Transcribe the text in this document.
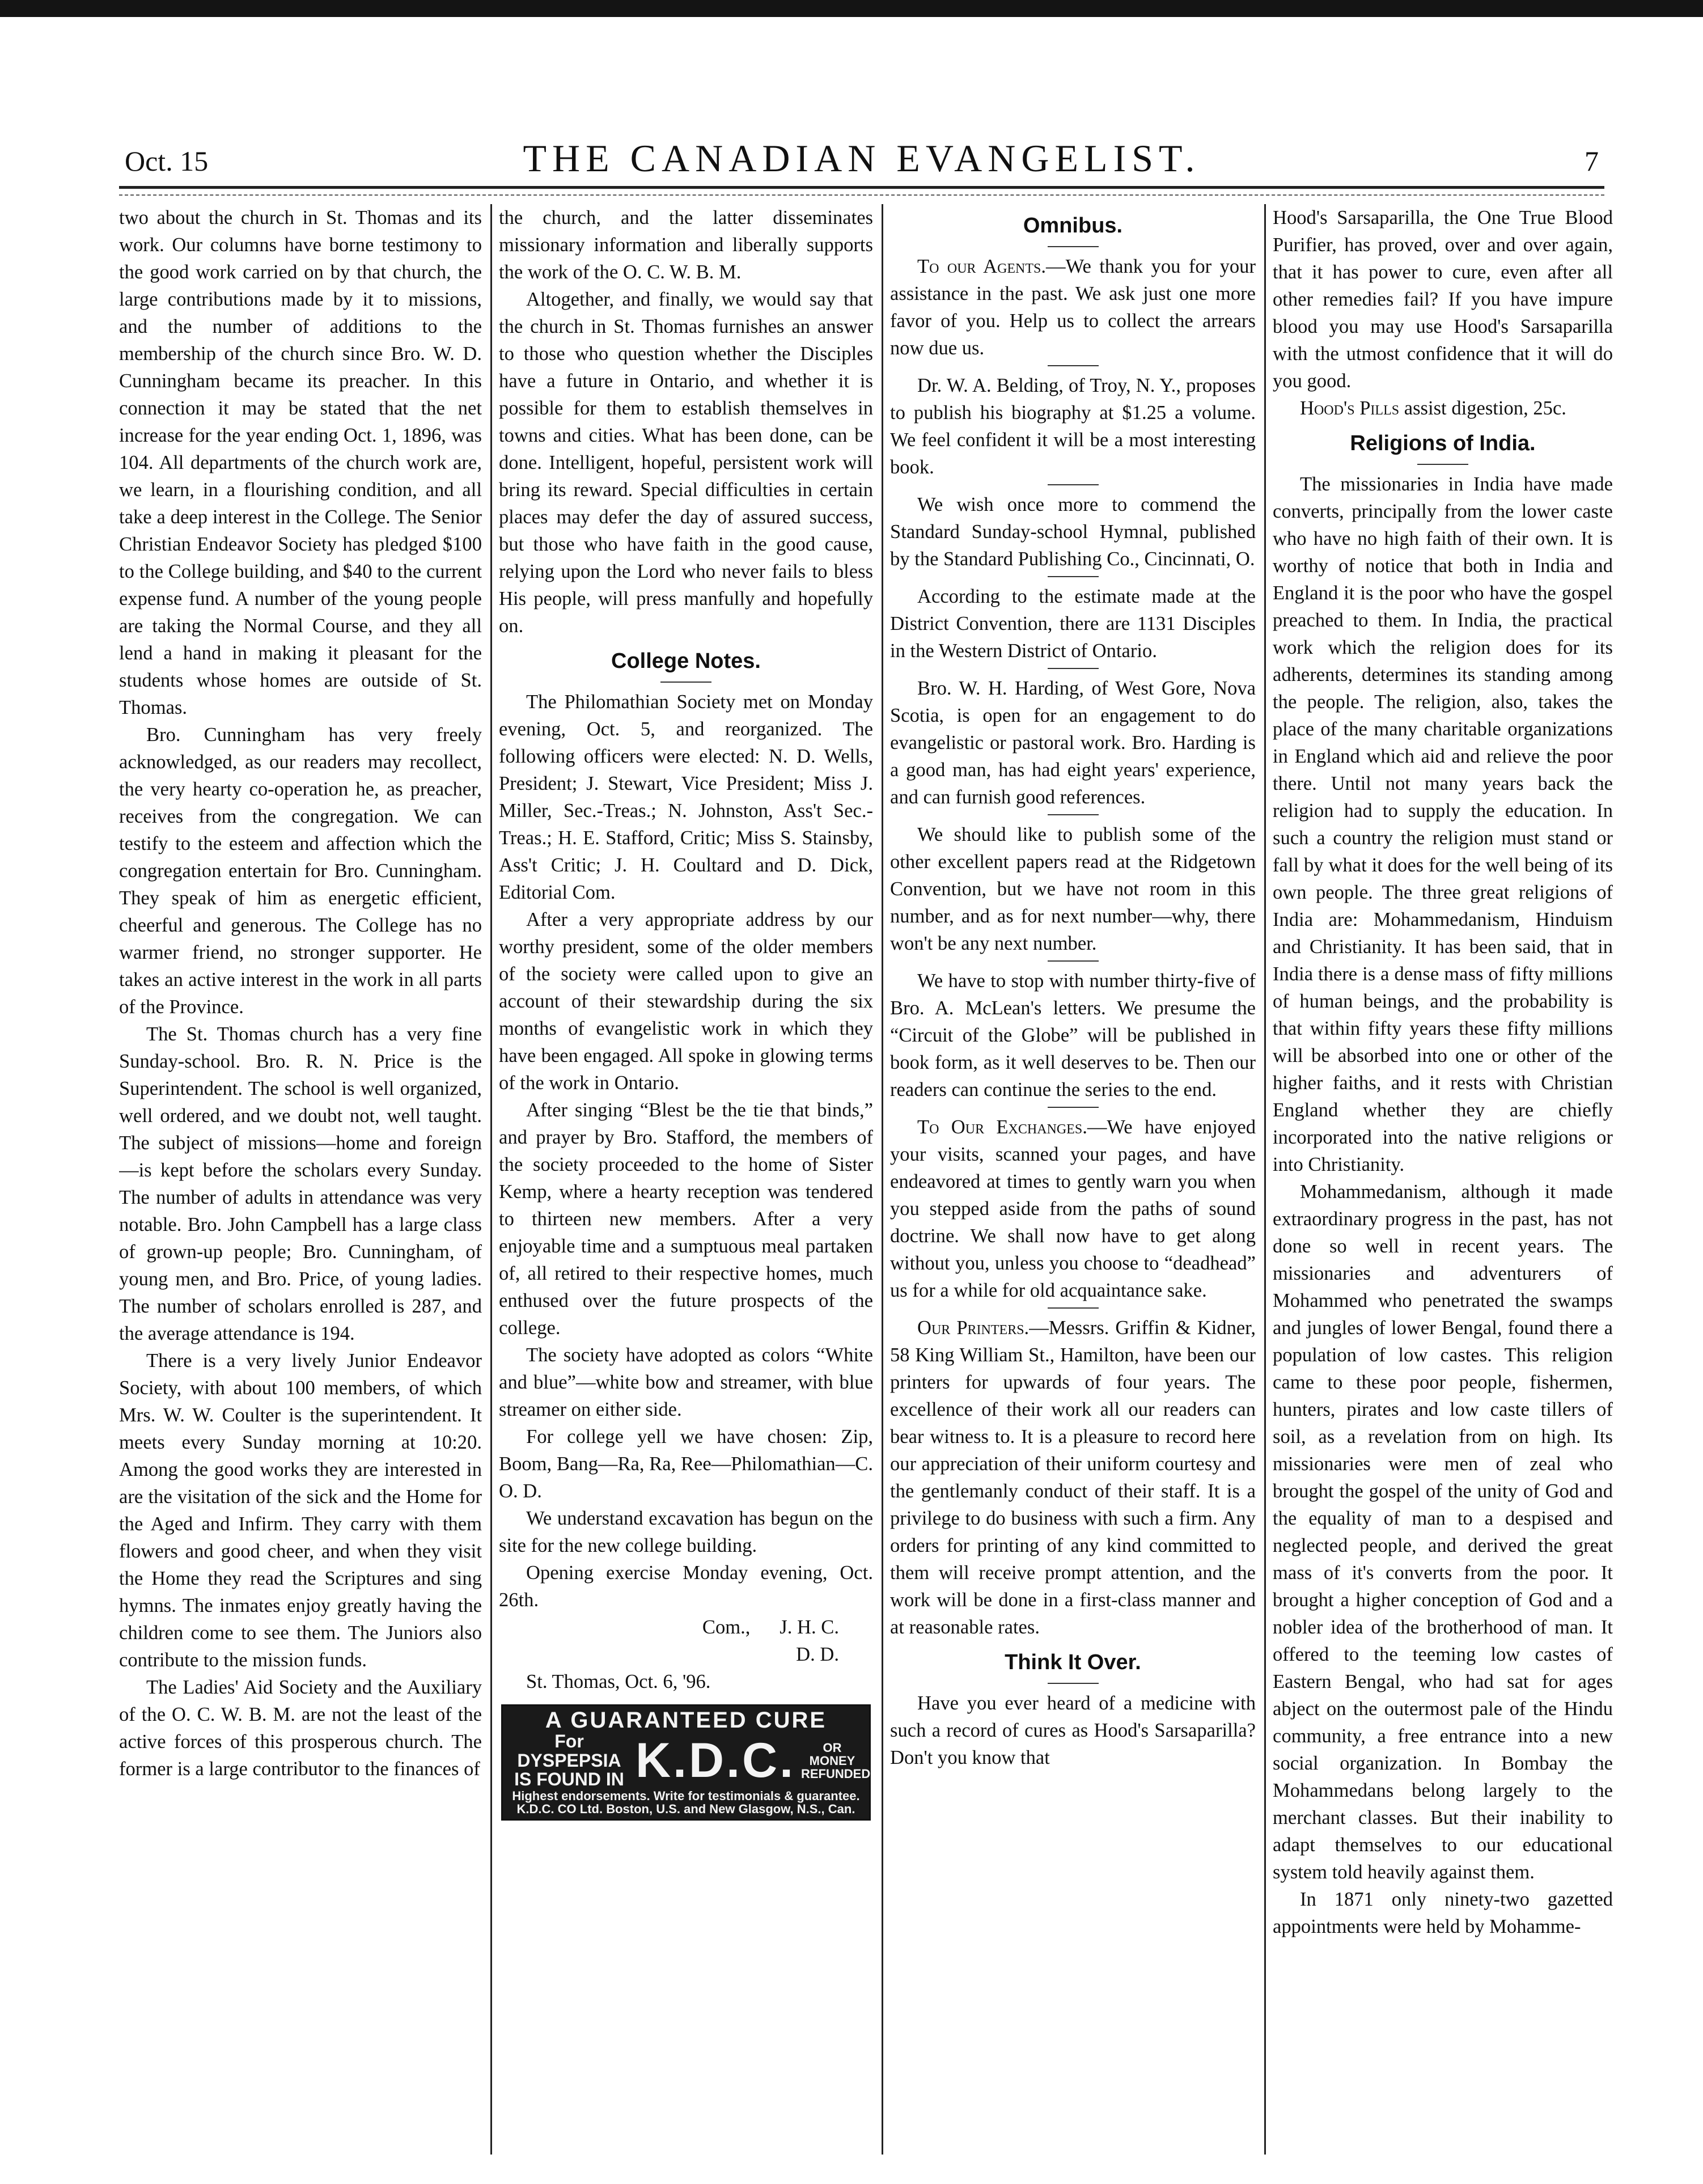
Oct. 15	THE CANADIAN EVANGELIST.	7

two about the church in St. Thomas and its work. Our columns have borne testimony to the good work carried on by that church, the large contributions made by it to missions, and the number of additions to the membership of the church since Bro. W. D. Cunningham became its preacher. In this connection it may be stated that the net increase for the year ending Oct. 1, 1896, was 104. All departments of the church work are, we learn, in a flourishing condition, and all take a deep interest in the College. The Senior Christian Endeavor Society has pledged $100 to the College building, and $40 to the current expense fund. A number of the young people are taking the Normal Course, and they all lend a hand in making it pleasant for the students whose homes are outside of St. Thomas.

Bro. Cunningham has very freely acknowledged, as our readers may recollect, the very hearty co-operation he, as preacher, receives from the congregation. We can testify to the esteem and affection which the congregation entertain for Bro. Cunningham. They speak of him as energetic efficient, cheerful and generous. The College has no warmer friend, no stronger supporter. He takes an active interest in the work in all parts of the Province.

The St. Thomas church has a very fine Sunday-school. Bro. R. N. Price is the Superintendent. The school is well organized, well ordered, and we doubt not, well taught. The subject of missions—home and foreign—is kept before the scholars every Sunday. The number of adults in attendance was very notable. Bro. John Campbell has a large class of grown-up people; Bro. Cunningham, of young men, and Bro. Price, of young ladies. The number of scholars enrolled is 287, and the average attendance is 194.

There is a very lively Junior Endeavor Society, with about 100 members, of which Mrs. W. W. Coulter is the superintendent. It meets every Sunday morning at 10:20. Among the good works they are interested in are the visitation of the sick and the Home for the Aged and Infirm. They carry with them flowers and good cheer, and when they visit the Home they read the Scriptures and sing hymns. The inmates enjoy greatly having the children come to see them. The Juniors also contribute to the mission funds.

The Ladies' Aid Society and the Auxiliary of the O. C. W. B. M. are not the least of the active forces of this prosperous church. The former is a large contributor to the finances of

the church, and the latter disseminates missionary information and liberally supports the work of the O. C. W. B. M.

Altogether, and finally, we would say that the church in St. Thomas furnishes an answer to those who question whether the Disciples have a future in Ontario, and whether it is possible for them to establish themselves in towns and cities. What has been done, can be done. Intelligent, hopeful, persistent work will bring its reward. Special difficulties in certain places may defer the day of assured success, but those who have faith in the good cause, relying upon the Lord who never fails to bless His people, will press manfully and hopefully on.

College Notes.

The Philomathian Society met on Monday evening, Oct. 5, and reorganized. The following officers were elected: N. D. Wells, President; J. Stewart, Vice President; Miss J. Miller, Sec.-Treas.; N. Johnston, Ass't Sec.-Treas.; H. E. Stafford, Critic; Miss S. Stainsby, Ass't Critic; J. H. Coultard and D. Dick, Editorial Com.

After a very appropriate address by our worthy president, some of the older members of the society were called upon to give an account of their stewardship during the six months of evangelistic work in which they have been engaged. All spoke in glowing terms of the work in Ontario.

After singing “Blest be the tie that binds,” and prayer by Bro. Stafford, the members of the society proceeded to the home of Sister Kemp, where a hearty reception was tendered to thirteen new members. After a very enjoyable time and a sumptuous meal partaken of, all retired to their respective homes, much enthused over the future prospects of the college.

The society have adopted as colors “White and blue”—white bow and streamer, with blue streamer on either side.

For college yell we have chosen: Zip, Boom, Bang—Ra, Ra, Ree—Philomathian—C. O. D.

We understand excavation has begun on the site for the new college building.

Opening exercise Monday evening, Oct. 26th.

Com.,      J. H. C.

D. D.

St. Thomas, Oct. 6, '96.

A GUARANTEED CURE
For DYSPEPSIA
IS FOUND IN K.D.C.	OR MONEY REFUNDED
Highest endorsements. Write for testimonials & guarantee.
K.D.C. CO Ltd. Boston, U.S. and New Glasgow, N.S., Can.
Omnibus.

To our Agents.—We thank you for your assistance in the past. We ask just one more favor of you. Help us to collect the arrears now due us.

Dr. W. A. Belding, of Troy, N. Y., proposes to publish his biography at $1.25 a volume. We feel confident it will be a most interesting book.

We wish once more to commend the Standard Sunday-school Hymnal, published by the Standard Publishing Co., Cincinnati, O.

According to the estimate made at the District Convention, there are 1131 Disciples in the Western District of Ontario.

Bro. W. H. Harding, of West Gore, Nova Scotia, is open for an engagement to do evangelistic or pastoral work. Bro. Harding is a good man, has had eight years' experience, and can furnish good references.

We should like to publish some of the other excellent papers read at the Ridgetown Convention, but we have not room in this number, and as for next number—why, there won't be any next number.

We have to stop with number thirty-five of Bro. A. McLean's letters. We presume the “Circuit of the Globe” will be published in book form, as it well deserves to be. Then our readers can continue the series to the end.

To Our Exchanges.—We have enjoyed your visits, scanned your pages, and have endeavored at times to gently warn you when you stepped aside from the paths of sound doctrine. We shall now have to get along without you, unless you choose to “deadhead” us for a while for old acquaintance sake.

Our Printers.—Messrs. Griffin & Kidner, 58 King William St., Hamilton, have been our printers for upwards of four years. The excellence of their work all our readers can bear witness to. It is a pleasure to record here our appreciation of their uniform courtesy and the gentlemanly conduct of their staff. It is a privilege to do business with such a firm. Any orders for printing of any kind committed to them will receive prompt attention, and the work will be done in a first-class manner and at reasonable rates.

Think It Over.

Have you ever heard of a medicine with such a record of cures as Hood's Sarsaparilla? Don't you know that

Hood's Sarsaparilla, the One True Blood Purifier, has proved, over and over again, that it has power to cure, even after all other remedies fail? If you have impure blood you may use Hood's Sarsaparilla with the utmost confidence that it will do you good.

Hood's Pills assist digestion, 25c.

Religions of India.

The missionaries in India have made converts, principally from the lower caste who have no high faith of their own. It is worthy of notice that both in India and England it is the poor who have the gospel preached to them. In India, the practical work which the religion does for its adherents, determines its standing among the people. The religion, also, takes the place of the many charitable organizations in England which aid and relieve the poor there. Until not many years back the religion had to supply the education. In such a country the religion must stand or fall by what it does for the well being of its own people. The three great religions of India are: Mohammedanism, Hinduism and Christianity. It has been said, that in India there is a dense mass of fifty millions of human beings, and the probability is that within fifty years these fifty millions will be absorbed into one or other of the higher faiths, and it rests with Christian England whether they are chiefly incorporated into the native religions or into Christianity.

Mohammedanism, although it made extraordinary progress in the past, has not done so well in recent years. The missionaries and adventurers of Mohammed who penetrated the swamps and jungles of lower Bengal, found there a population of low castes. This religion came to these poor people, fishermen, hunters, pirates and low caste tillers of soil, as a revelation from on high. Its missionaries were men of zeal who brought the gospel of the unity of God and the equality of man to a despised and neglected people, and derived the great mass of it's converts from the poor. It brought a higher conception of God and a nobler idea of the brotherhood of man. It offered to the teeming low castes of Eastern Bengal, who had sat for ages abject on the outermost pale of the Hindu community, a free entrance into a new social organization. In Bombay the Mohammedans belong largely to the merchant classes. But their inability to adapt themselves to our educational system told heavily against them.

In 1871 only ninety-two gazetted appointments were held by Mohamme-
